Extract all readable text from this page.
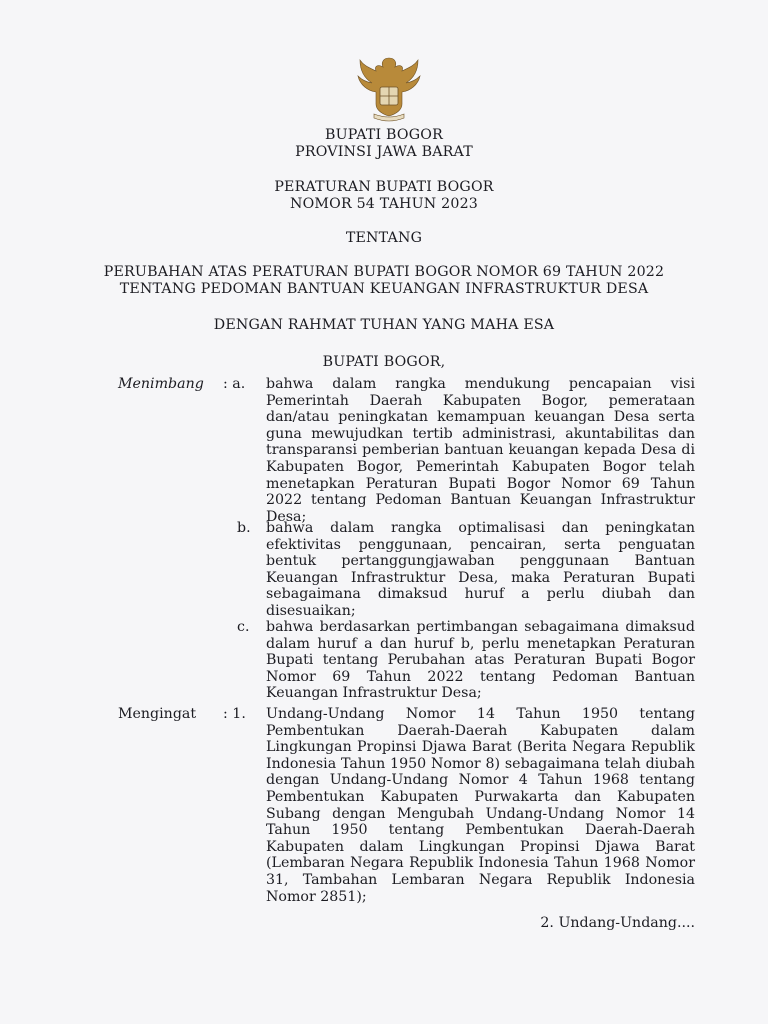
BUPATI BOGOR
PROVINSI JAWA BARAT
PERATURAN BUPATI BOGOR
NOMOR 54 TAHUN 2023
TENTANG
PERUBAHAN ATAS PERATURAN BUPATI BOGOR NOMOR 69 TAHUN 2022
TENTANG PEDOMAN BANTUAN KEUANGAN INFRASTRUKTUR DESA
DENGAN RAHMAT TUHAN YANG MAHA ESA
BUPATI BOGOR,
Menimbang : a.	bahwa dalam rangka mendukung pencapaian visi Pemerintah Daerah Kabupaten Bogor, pemerataan dan/atau peningkatan kemampuan keuangan Desa serta guna mewujudkan tertib administrasi, akuntabilitas dan transparansi pemberian bantuan keuangan kepada Desa di Kabupaten Bogor, Pemerintah Kabupaten Bogor telah menetapkan Peraturan Bupati Bogor Nomor 69 Tahun 2022 tentang Pedoman Bantuan Keuangan Infrastruktur Desa;
b.	bahwa dalam rangka optimalisasi dan peningkatan efektivitas penggunaan, pencairan, serta penguatan bentuk pertanggungjawaban penggunaan Bantuan Keuangan Infrastruktur Desa, maka Peraturan Bupati sebagaimana dimaksud huruf a perlu diubah dan disesuaikan;
c.	bahwa berdasarkan pertimbangan sebagaimana dimaksud dalam huruf a dan huruf b, perlu menetapkan Peraturan Bupati tentang Perubahan atas Peraturan Bupati Bogor Nomor 69 Tahun 2022 tentang Pedoman Bantuan Keuangan Infrastruktur Desa;
Mengingat : 1.	Undang-Undang Nomor 14 Tahun 1950 tentang Pembentukan Daerah-Daerah Kabupaten dalam Lingkungan Propinsi Djawa Barat (Berita Negara Republik Indonesia Tahun 1950 Nomor 8) sebagaimana telah diubah dengan Undang-Undang Nomor 4 Tahun 1968 tentang Pembentukan Kabupaten Purwakarta dan Kabupaten Subang dengan Mengubah Undang-Undang Nomor 14 Tahun 1950 tentang Pembentukan Daerah-Daerah Kabupaten dalam Lingkungan Propinsi Djawa Barat (Lembaran Negara Republik Indonesia Tahun 1968 Nomor 31, Tambahan Lembaran Negara Republik Indonesia Nomor 2851);
2. Undang-Undang....
